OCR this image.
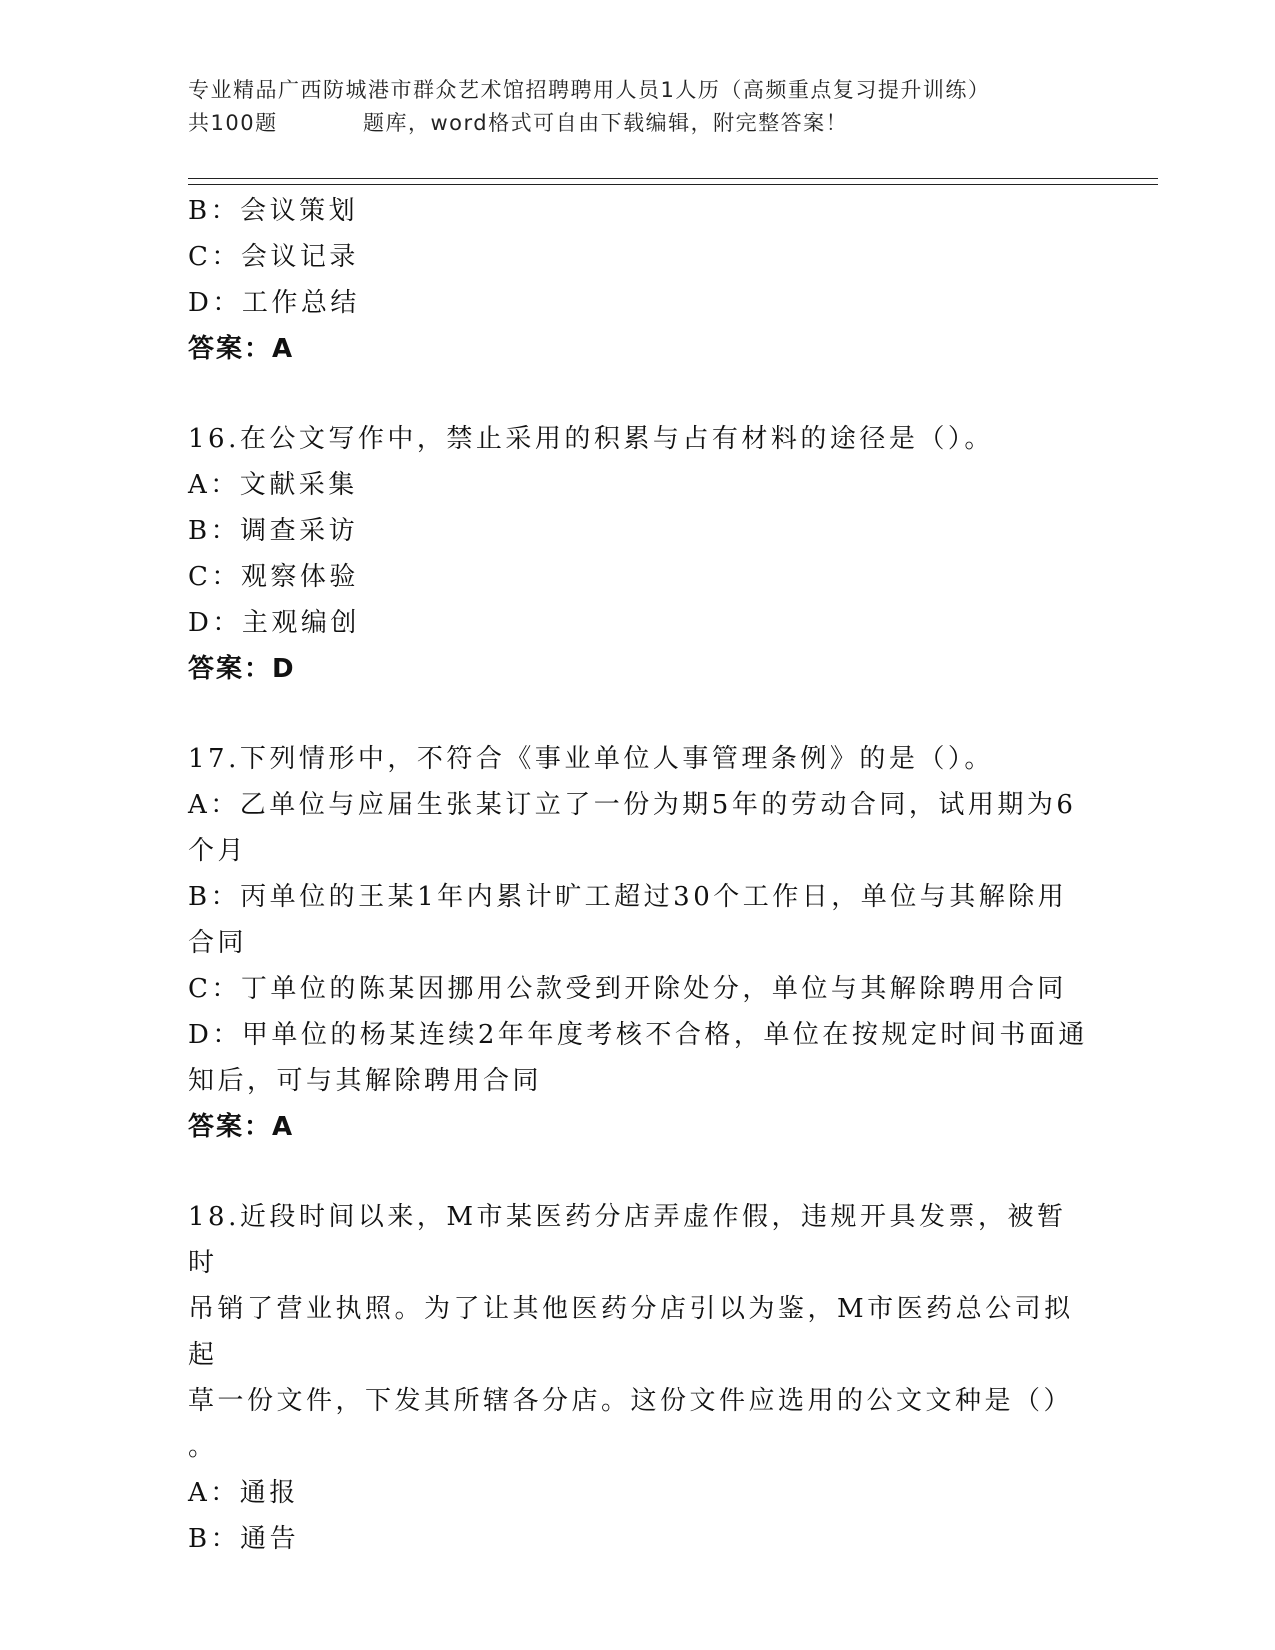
专业精品广西防城港市群众艺术馆招聘聘用人员1人历（高频重点复习提升训练）
共100题	题库，word格式可自由下载编辑，附完整答案！
B：会议策划
C：会议记录
D：工作总结
答案：A
16.在公文写作中，禁止采用的积累与占有材料的途径是（）。
A：文献采集
B：调查采访
C：观察体验
D：主观编创
答案：D
17.下列情形中，不符合《事业单位人事管理条例》的是（）。
A：乙单位与应届生张某订立了一份为期5年的劳动合同，试用期为6
个月
B：丙单位的王某1年内累计旷工超过30个工作日，单位与其解除用
合同
C：丁单位的陈某因挪用公款受到开除处分，单位与其解除聘用合同
D：甲单位的杨某连续2年年度考核不合格，单位在按规定时间书面通
知后，可与其解除聘用合同
答案：A
18.近段时间以来，M市某医药分店弄虚作假，违规开具发票，被暂时
吊销了营业执照。为了让其他医药分店引以为鉴，M市医药总公司拟起
草一份文件，下发其所辖各分店。这份文件应选用的公文文种是（）
。
A：通报
B：通告
